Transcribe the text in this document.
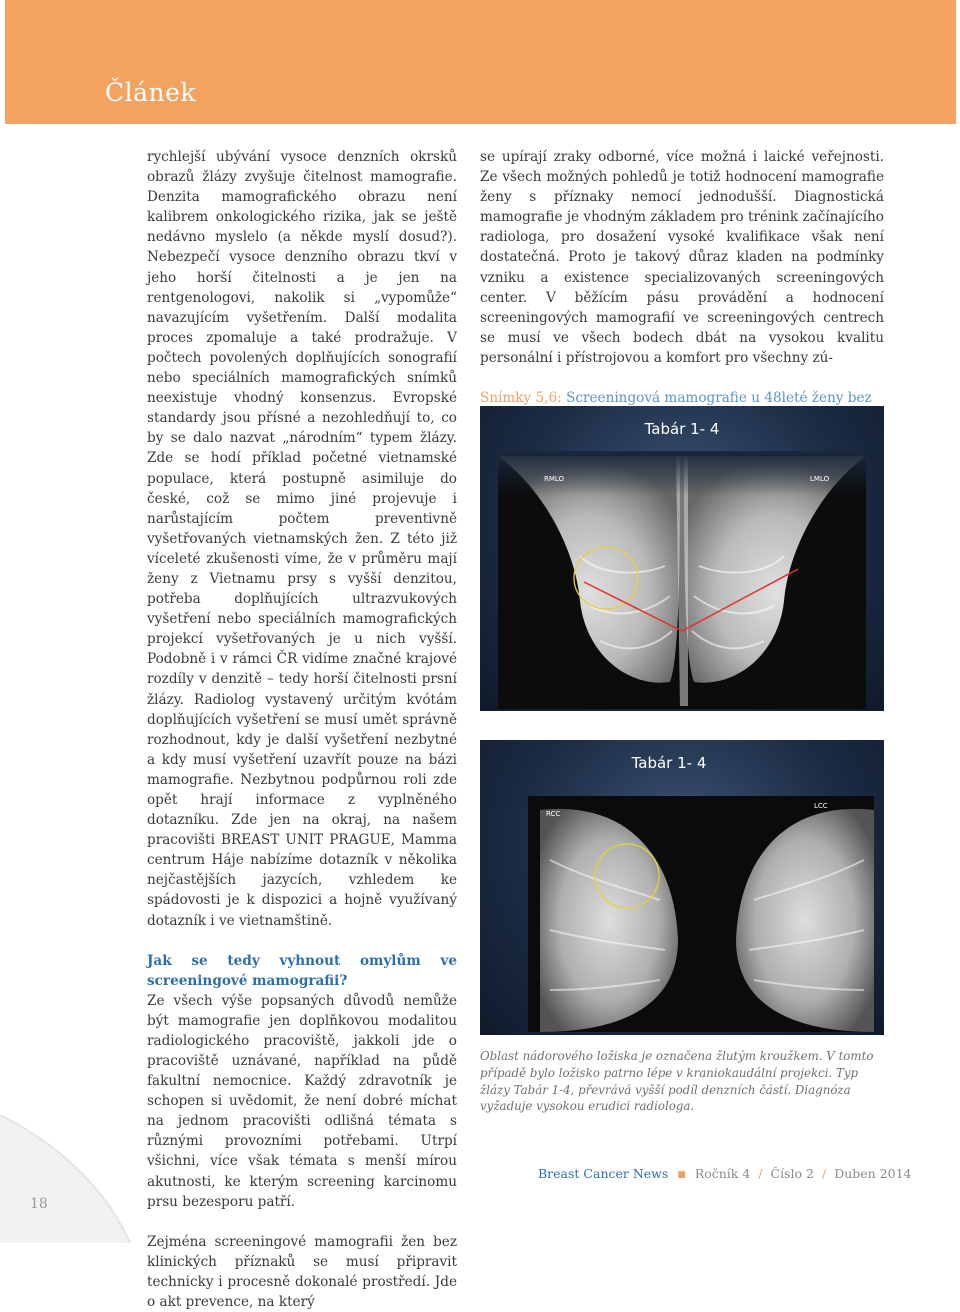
Článek

rychlejší ubývání vysoce denzních okrsků obrazů žlázy zvyšuje čitelnost mamografie. Denzita mamografického obrazu není kalibrem onkologického rizika, jak se ještě nedávno myslelo (a někde myslí dosud?). Nebezpečí vysoce denzního obrazu tkví v jeho horší čitelnosti a je jen na rentgenologovi, nakolik si „vypomůže“ navazujícím vyšetřením. Další modalita proces zpomaluje a také prodražuje. V počtech povolených doplňujících sonografií nebo speciálních mamografických snímků neexistuje vhodný konsenzus. Evropské standardy jsou přísné a nezohledňují to, co by se dalo nazvat „národním“ typem žlázy. Zde se hodí příklad početné vietnamské populace, která postupně asimiluje do české, což se mimo jiné projevuje i narůstajícím počtem preventivně vyšetřovaných vietnamských žen. Z této již víceleté zkušenosti víme, že v průměru mají ženy z Vietnamu prsy s vyšší denzitou, potřeba doplňujících ultrazvukových vyšetření nebo speciálních mamografických projekcí vyšetřovaných je u nich vyšší. Podobně i v rámci ČR vidíme značné krajové rozdíly v denzitě – tedy horší čitelnosti prsní žlázy. Radiolog vystavený určitým kvótám doplňujících vyšetření se musí umět správně rozhodnout, kdy je další vyšetření nezbytné a kdy musí vyšetření uzavřít pouze na bázi mamografie. Nezbytnou podpůrnou roli zde opět hrají informace z vyplněného dotazníku. Zde jen na okraj, na našem pracovišti BREAST UNIT PRAGUE, Mamma centrum Háje nabízíme dotazník v několika nejčastějších jazycích, vzhledem ke spádovosti je k dispozici a hojně využívaný dotazník i ve vietnamštině.

Jak se tedy vyhnout omylům ve screeningové mamografii?

Ze všech výše popsaných důvodů nemůže být mamografie jen doplňkovou modalitou radiologického pracoviště, jakkoli jde o pracoviště uznávané, například na půdě fakultní nemocnice. Každý zdravotník je schopen si uvědomit, že není dobré míchat na jednom pracovišti odlišná témata s různými provozními potřebami. Utrpí všichni, více však témata s menší mírou akutnosti, ke kterým screening karcinomu prsu bezesporu patří.

Zejména screeningové mamografii žen bez klinických příznaků se musí připravit technicky i procesně dokonalé prostředí. Jde o akt prevence, na který

se upírají zraky odborné, více možná i laické veřejnosti. Ze všech možných pohledů je totiž hodnocení mamografie ženy s příznaky nemocí jednodušší. Diagnostická mamografie je vhodným základem pro trénink začínajícího radiologa, pro dosažení vysoké kvalifikace však není dostatečná. Proto je takový důraz kladen na podmínky vzniku a existence specializovaných screeningových center. V běžícím pásu provádění a hodnocení screeningových mamografií ve screeningových centrech se musí ve všech bodech dbát na vysokou kvalitu personální i přístrojovou a komfort pro všechny zú-

Snímky 5,6: Screeningová mamografie u 48leté ženy bez

Tabár 1- 4
RMLO	LMLO
Tabár 1- 4
RCC
LCC
Oblast nádorového ložiska je označena žlutým kroužkem. V tomto případě bylo ložisko patrno lépe v kraniokaudální projekci. Typ žlázy Tabár 1-4, převrává vyšší podíl denzních částí. Diagnóza vyžaduje vysokou erudici radiologa.
18
Breast Cancer News ■ Ročník 4 / Číslo 2 / Duben 2014
